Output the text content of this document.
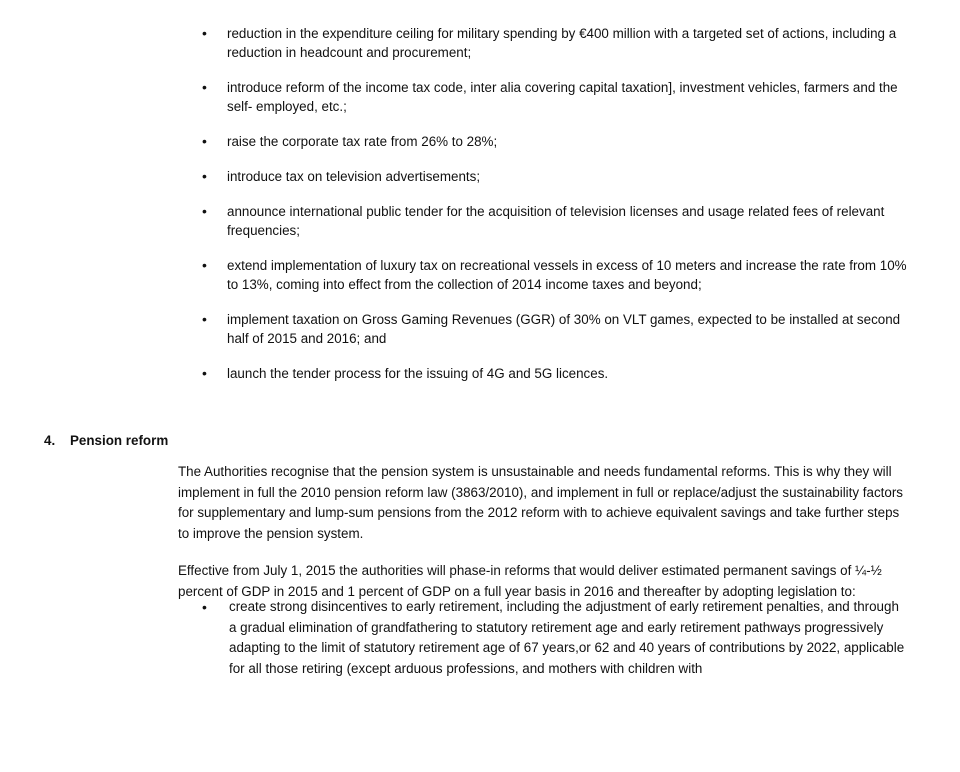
• reduction in the expenditure ceiling for military spending by €400 million with a targeted set of actions, including a reduction in headcount and procurement;
• introduce reform of the income tax code, inter alia covering capital taxation], investment vehicles, farmers and the self- employed, etc.;
• raise the corporate tax rate from 26% to 28%;
• introduce tax on television advertisements;
• announce international public tender for the acquisition of television licenses and usage related fees of relevant frequencies;
• extend implementation of luxury tax on recreational vessels in excess of 10 meters and increase the rate from 10% to 13%, coming into effect from the collection of 2014 income taxes and beyond;
• implement taxation on Gross Gaming Revenues (GGR) of 30% on VLT games, expected to be installed at second half of 2015 and 2016; and
• launch the tender process for the issuing of 4G and 5G licences.
4. Pension reform

The Authorities recognise that the pension system is unsustainable and needs fundamental reforms. This is why they will implement in full the 2010 pension reform law (3863/2010), and implement in full or replace/adjust the sustainability factors for supplementary and lump-sum pensions from the 2012 reform with to achieve equivalent savings and take further steps to improve the pension system.

Effective from July 1, 2015 the authorities will phase-in reforms that would deliver estimated permanent savings of ¼-½ percent of GDP in 2015 and 1 percent of GDP on a full year basis in 2016 and thereafter by adopting legislation to:

• create strong disincentives to early retirement, including the adjustment of early retirement penalties, and through a gradual elimination of grandfathering to statutory retirement age and early retirement pathways progressively adapting to the limit of statutory retirement age of 67 years,or 62 and 40 years of contributions by 2022, applicable for all those retiring (except arduous professions, and mothers with children with
